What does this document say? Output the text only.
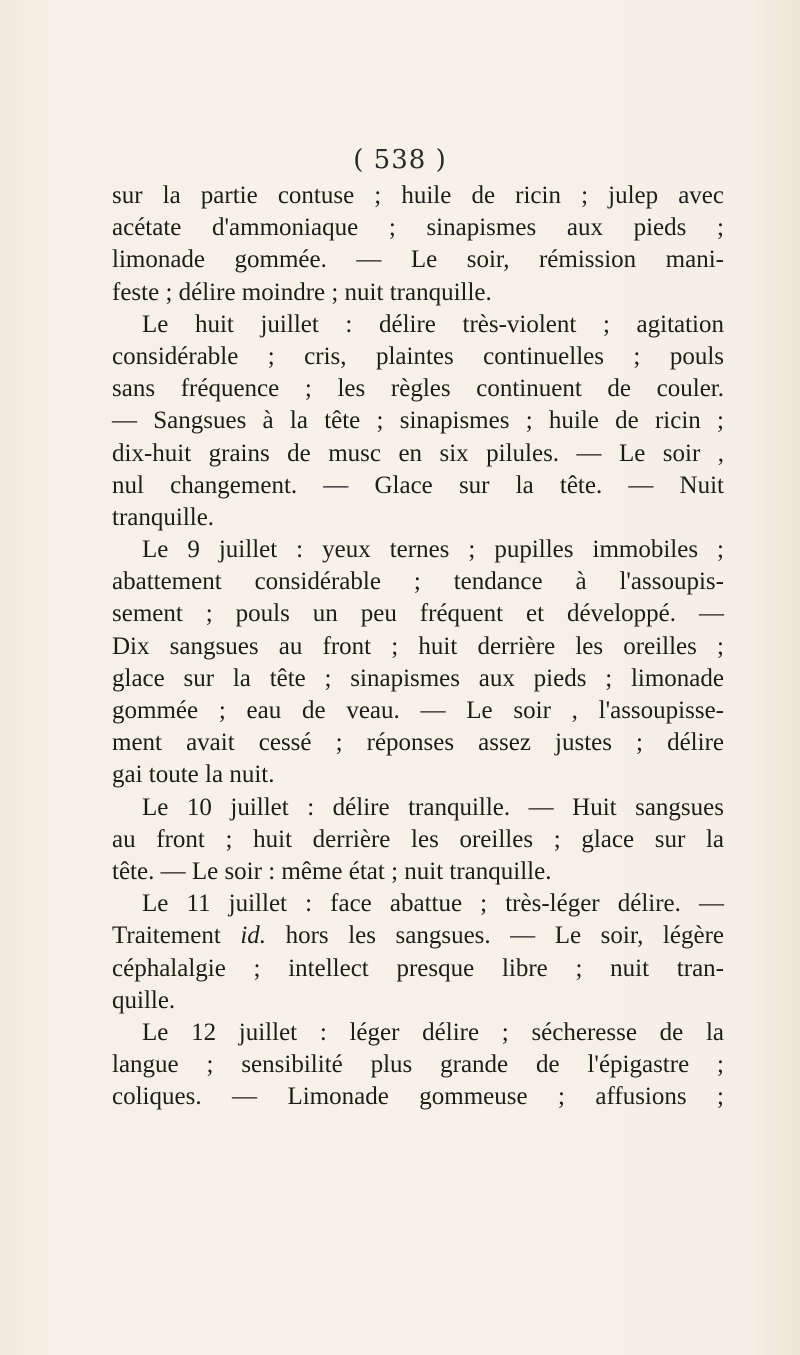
( 538 )
sur la partie contuse ; huile de ricin ; julep avec
acétate d'ammoniaque ; sinapismes aux pieds ;
limonade gommée. — Le soir, rémission mani-
feste ; délire moindre ; nuit tranquille.
Le huit juillet : délire très-violent ; agitation
considérable ; cris, plaintes continuelles ; pouls
sans fréquence ; les règles continuent de couler.
— Sangsues à la tête ; sinapismes ; huile de ricin ;
dix-huit grains de musc en six pilules. — Le soir ,
nul changement. — Glace sur la tête. — Nuit
tranquille.
Le 9 juillet : yeux ternes ; pupilles immobiles ;
abattement considérable ; tendance à l'assoupis-
sement ; pouls un peu fréquent et développé. —
Dix sangsues au front ; huit derrière les oreilles ;
glace sur la tête ; sinapismes aux pieds ; limonade
gommée ; eau de veau. — Le soir , l'assoupisse-
ment avait cessé ; réponses assez justes ; délire
gai toute la nuit.
Le 10 juillet : délire tranquille. — Huit sangsues
au front ; huit derrière les oreilles ; glace sur la
tête. — Le soir : même état ; nuit tranquille.
Le 11 juillet : face abattue ; très-léger délire. —
Traitement id. hors les sangsues. — Le soir, légère
céphalalgie ; intellect presque libre ; nuit tran-
quille.
Le 12 juillet : léger délire ; sécheresse de la
langue ; sensibilité plus grande de l'épigastre ;
coliques. — Limonade gommeuse ; affusions ;
